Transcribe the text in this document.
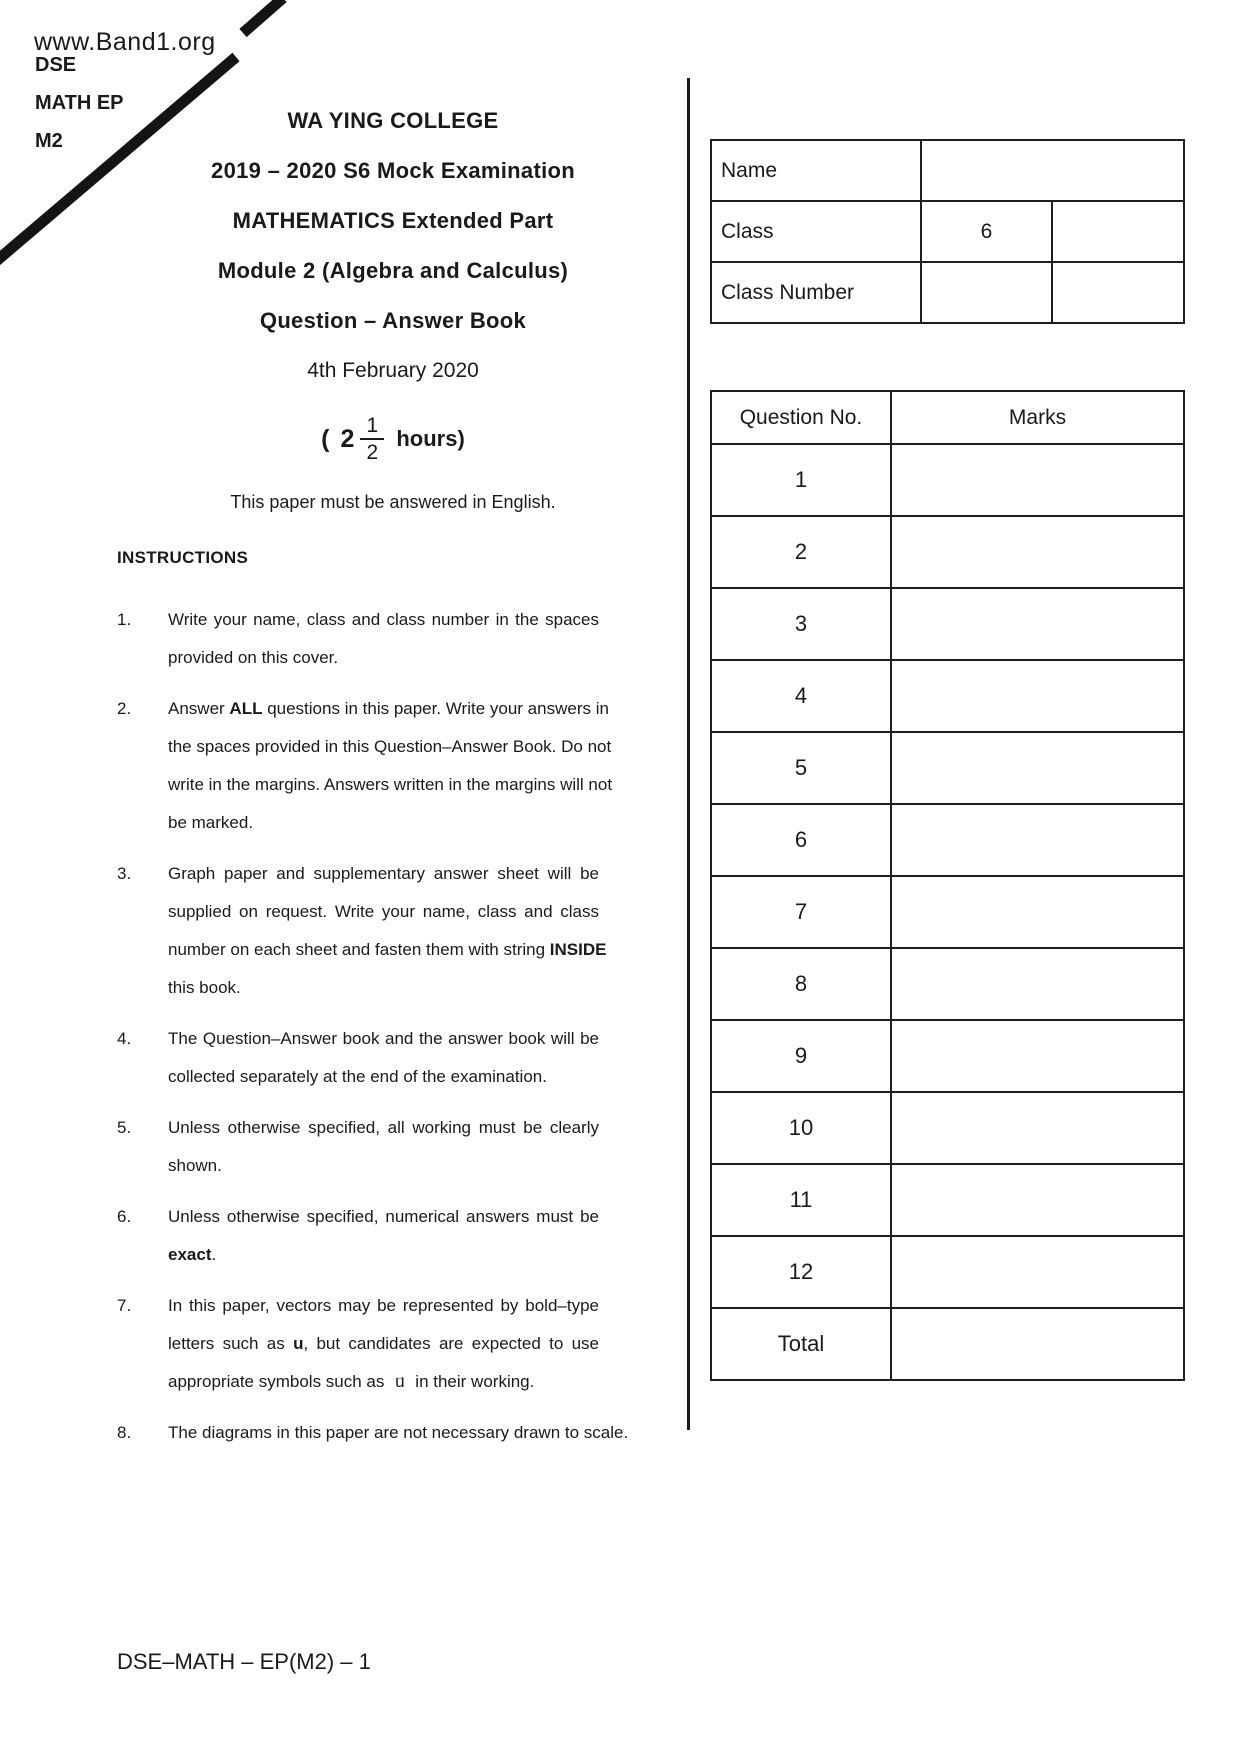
www.Band1.org
DSE
MATH EP
M2
WA YING COLLEGE
2019 – 2020 S6 Mock Examination
MATHEMATICS Extended Part
Module 2 (Algebra and Calculus)
Question – Answer Book
4th February 2020
( $2 \frac{1}{2}$ hours)
This paper must be answered in English.
INSTRUCTIONS
1.	Write your name, class and class number in the spaces
provided on this cover.
2.	Answer ALL questions in this paper. Write your answers in
the spaces provided in this Question–Answer Book. Do not
write in the margins. Answers written in the margins will not
be marked.
3.	Graph paper and supplementary answer sheet will be
supplied on request. Write your name, class and class
number on each sheet and fasten them with string INSIDE
this book.
4.	The Question–Answer book and the answer book will be
collected separately at the end of the examination.
5.	Unless otherwise specified, all working must be clearly
shown.
6.	Unless otherwise specified, numerical answers must be
exact.
7.	In this paper, vectors may be represented by bold–type
letters such as u, but candidates are expected to use
appropriate symbols such as → u in their working.
8.	The diagrams in this paper are not necessary drawn to scale.
Name		
Class	6	
Class Number		
Question No.	Marks
1	
2	
3	
4	
5	
6	
7	
8	
9	
10	
11	
12	
Total	
DSE–MATH – EP(M2) – 1
